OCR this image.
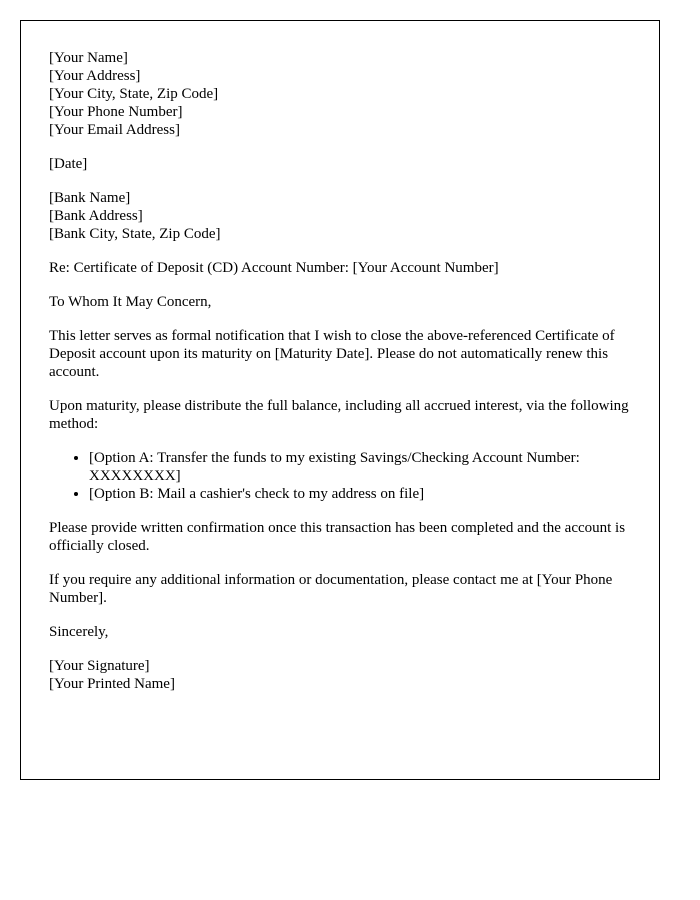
[Your Name]
[Your Address]
[Your City, State, Zip Code]
[Your Phone Number]
[Your Email Address]
[Date]
[Bank Name]
[Bank Address]
[Bank City, State, Zip Code]

Re: Certificate of Deposit (CD) Account Number: [Your Account Number]

To Whom It May Concern,

This letter serves as formal notification that I wish to close the above-referenced Certificate of Deposit account upon its maturity on [Maturity Date]. Please do not automatically renew this account.

Upon maturity, please distribute the full balance, including all accrued interest, via the following method:

• [Option A: Transfer the funds to my existing Savings/Checking Account Number: XXXXXXXX]
• [Option B: Mail a cashier's check to my address on file]

Please provide written confirmation once this transaction has been completed and the account is officially closed.

If you require any additional information or documentation, please contact me at [Your Phone Number].

Sincerely,

[Your Signature]
[Your Printed Name]
